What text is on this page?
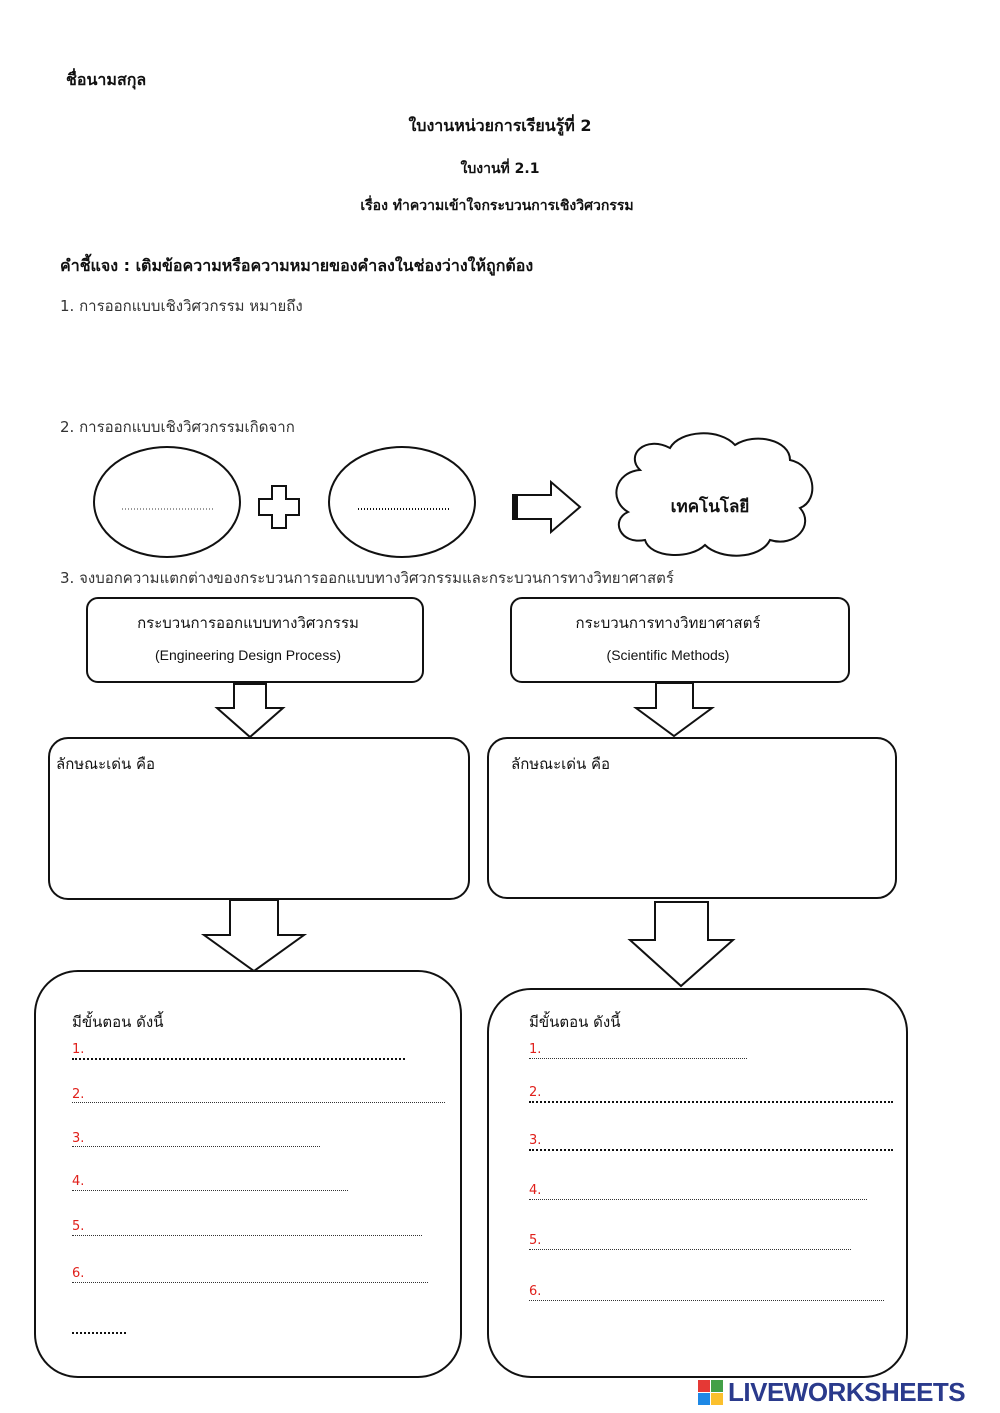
ชื่อนามสกุล
ใบงานหน่วยการเรียนรู้ที่ 2
ใบงานที่ 2.1
เรื่อง ทำความเข้าใจกระบวนการเชิงวิศวกรรม
คำชี้แจง : เติมข้อความหรือความหมายของคำลงในช่องว่างให้ถูกต้อง
1. การออกแบบเชิงวิศวกรรม หมายถึง
2. การออกแบบเชิงวิศวกรรมเกิดจาก
เทคโนโลยี
3. จงบอกความแตกต่างของกระบวนการออกแบบทางวิศวกรรมและกระบวนการทางวิทยาศาสตร์
กระบวนการออกแบบทางวิศวกรรม
(Engineering Design Process)
กระบวนการทางวิทยาศาสตร์
(Scientific Methods)
ลักษณะเด่น คือ	ลักษณะเด่น คือ
มีขั้นตอน ดังนี้
1.
2.
3.
4.
5.
6.
มีขั้นตอน ดังนี้
1.
2.
3.
4.
5.
6.
LIVEWORKSHEETS
